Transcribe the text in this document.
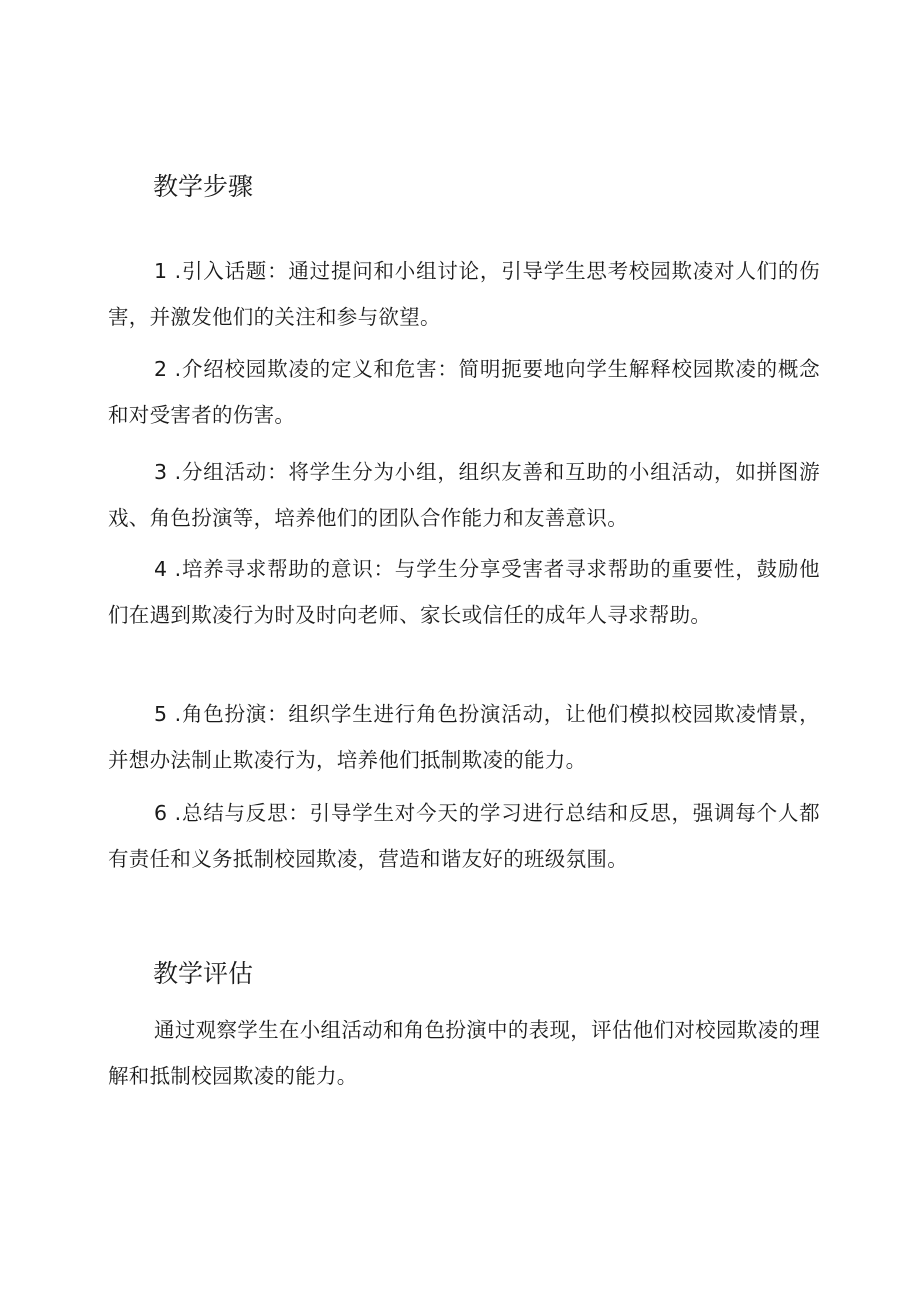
教学步骤

1 .引入话题：通过提问和小组讨论，引导学生思考校园欺凌对人们的伤害，并激发他们的关注和参与欲望。

2 .介绍校园欺凌的定义和危害：简明扼要地向学生解释校园欺凌的概念和对受害者的伤害。

3 .分组活动：将学生分为小组，组织友善和互助的小组活动，如拼图游戏、角色扮演等，培养他们的团队合作能力和友善意识。

4 .培养寻求帮助的意识：与学生分享受害者寻求帮助的重要性，鼓励他们在遇到欺凌行为时及时向老师、家长或信任的成年人寻求帮助。

5 .角色扮演：组织学生进行角色扮演活动，让他们模拟校园欺凌情景，并想办法制止欺凌行为，培养他们抵制欺凌的能力。

6 .总结与反思：引导学生对今天的学习进行总结和反思，强调每个人都有责任和义务抵制校园欺凌，营造和谐友好的班级氛围。

教学评估

通过观察学生在小组活动和角色扮演中的表现，评估他们对校园欺凌的理解和抵制校园欺凌的能力。
